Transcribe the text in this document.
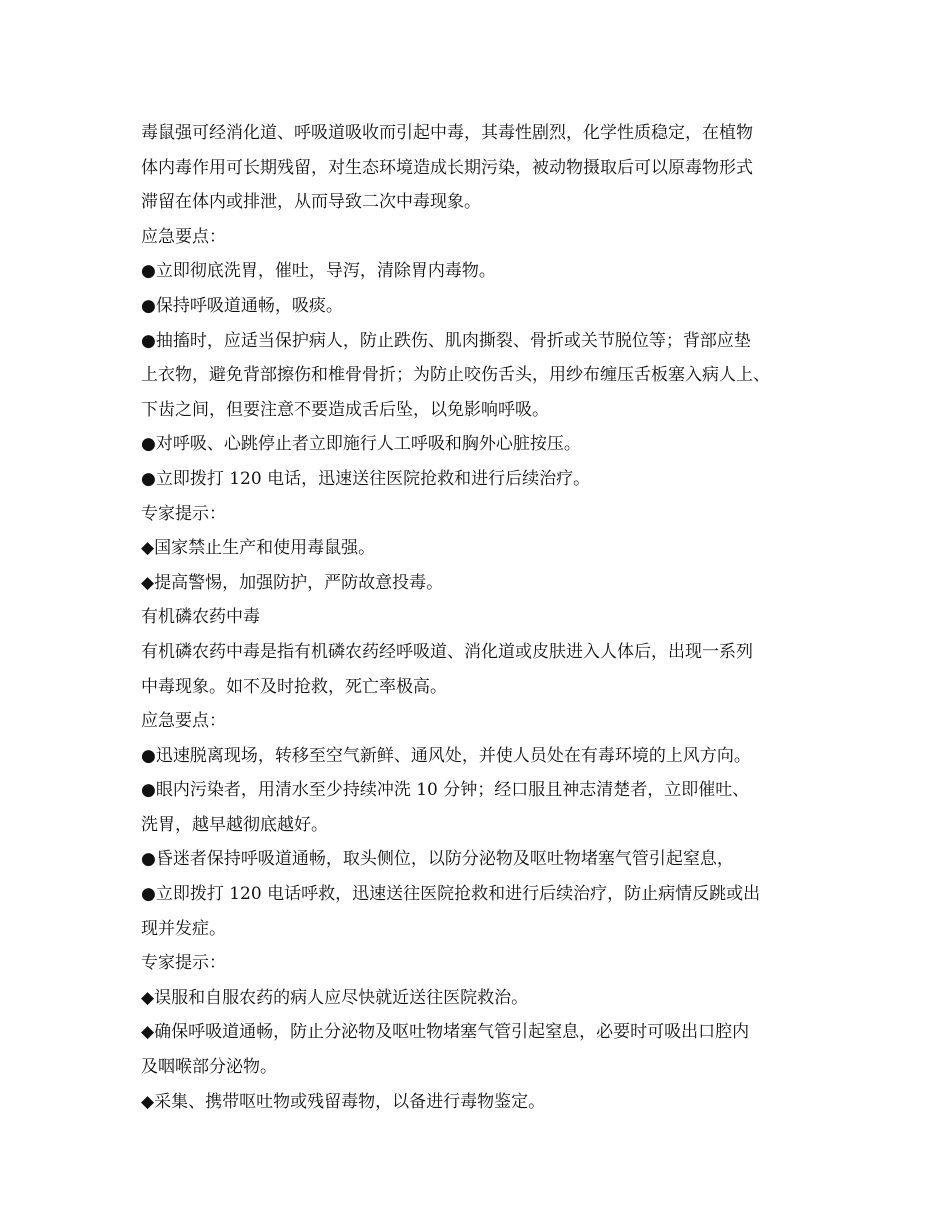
毒鼠强可经消化道、呼吸道吸收而引起中毒，其毒性剧烈，化学性质稳定，在植物
体内毒作用可长期残留，对生态环境造成长期污染，被动物摄取后可以原毒物形式
滞留在体内或排泄，从而导致二次中毒现象。
应急要点：
●立即彻底洗胃，催吐，导泻，清除胃内毒物。
●保持呼吸道通畅，吸痰。
●抽搐时，应适当保护病人，防止跌伤、肌肉撕裂、骨折或关节脱位等；背部应垫
上衣物，避免背部擦伤和椎骨骨折；为防止咬伤舌头，用纱布缠压舌板塞入病人上、
下齿之间，但要注意不要造成舌后坠，以免影响呼吸。
●对呼吸、心跳停止者立即施行人工呼吸和胸外心脏按压。
●立即拨打 120 电话，迅速送往医院抢救和进行后续治疗。
专家提示：
◆国家禁止生产和使用毒鼠强。
◆提高警惕，加强防护，严防故意投毒。
有机磷农药中毒
有机磷农药中毒是指有机磷农药经呼吸道、消化道或皮肤进入人体后，出现一系列
中毒现象。如不及时抢救，死亡率极高。
应急要点：
●迅速脱离现场，转移至空气新鲜、通风处，并使人员处在有毒环境的上风方向。
●眼内污染者，用清水至少持续冲洗 10 分钟；经口服且神志清楚者，立即催吐、
洗胃，越早越彻底越好。
●昏迷者保持呼吸道通畅，取头侧位，以防分泌物及呕吐物堵塞气管引起窒息，
●立即拨打 120 电话呼救，迅速送往医院抢救和进行后续治疗，防止病情反跳或出
现并发症。
专家提示：
◆误服和自服农药的病人应尽快就近送往医院救治。
◆确保呼吸道通畅，防止分泌物及呕吐物堵塞气管引起窒息，必要时可吸出口腔内
及咽喉部分泌物。
◆采集、携带呕吐物或残留毒物，以备进行毒物鉴定。
